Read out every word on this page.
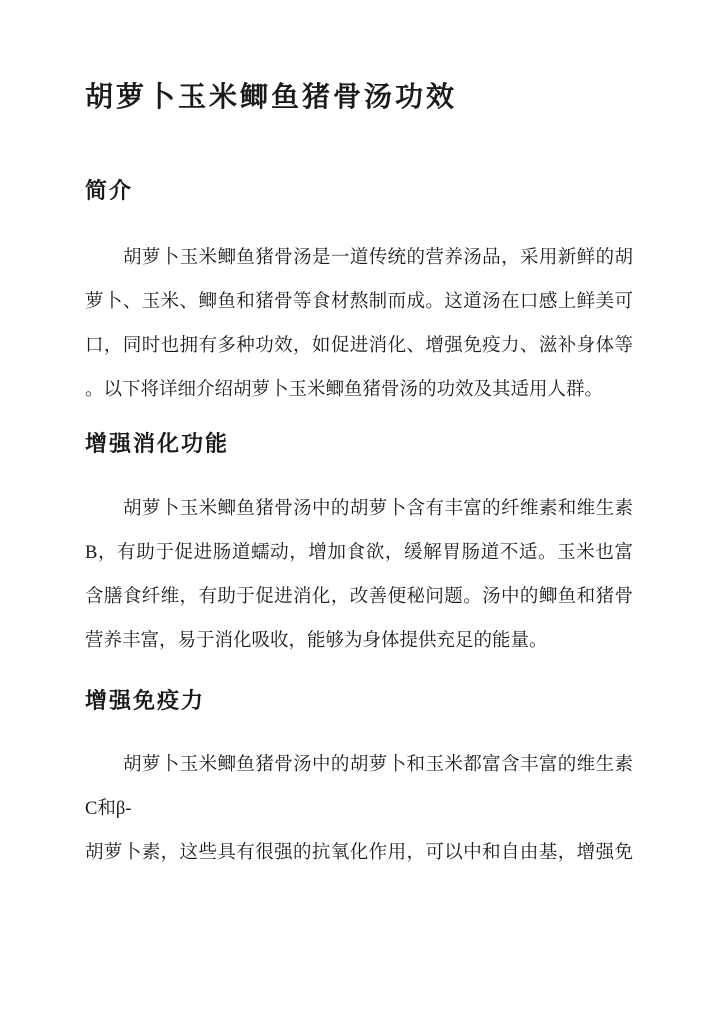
胡萝卜玉米鲫鱼猪骨汤功效
简介
胡萝卜玉米鲫鱼猪骨汤是一道传统的营养汤品，采用新鲜的胡
萝卜、玉米、鲫鱼和猪骨等食材熬制而成。这道汤在口感上鲜美可
口，同时也拥有多种功效，如促进消化、增强免疫力、滋补身体等
。以下将详细介绍胡萝卜玉米鲫鱼猪骨汤的功效及其适用人群。
增强消化功能
胡萝卜玉米鲫鱼猪骨汤中的胡萝卜含有丰富的纤维素和维生素
B，有助于促进肠道蠕动，增加食欲，缓解胃肠道不适。玉米也富
含膳食纤维，有助于促进消化，改善便秘问题。汤中的鲫鱼和猪骨
营养丰富，易于消化吸收，能够为身体提供充足的能量。
增强免疫力
胡萝卜玉米鲫鱼猪骨汤中的胡萝卜和玉米都富含丰富的维生素
C和β-
胡萝卜素，这些具有很强的抗氧化作用，可以中和自由基，增强免
